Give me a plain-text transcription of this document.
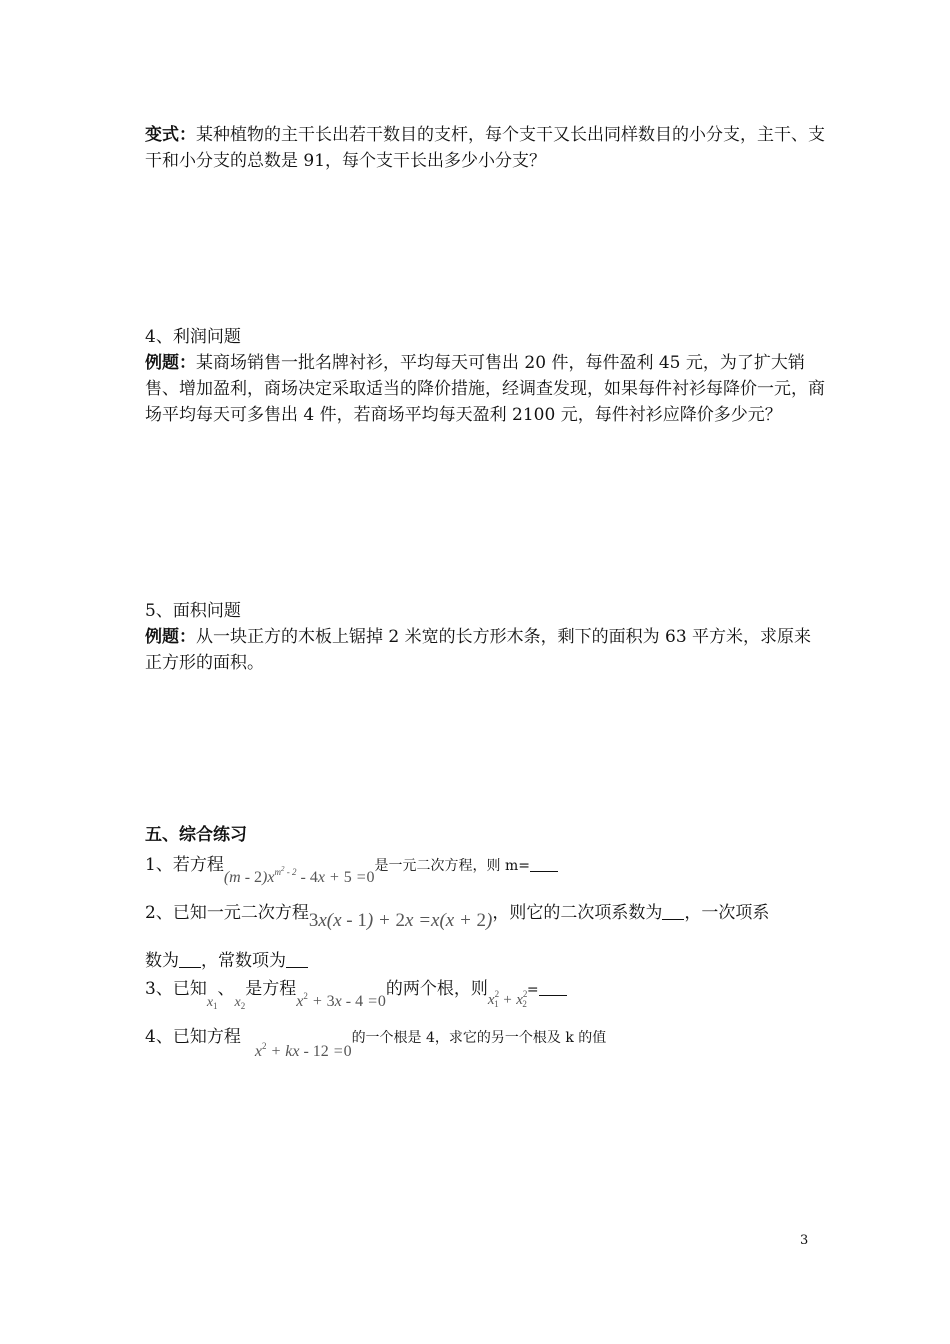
变式：某种植物的主干长出若干数目的支杆，每个支干又长出同样数目的小分支，主干、支干和小分支的总数是 91，每个支干长出多少小分支？
4、利润问题
例题：某商场销售一批名牌衬衫，平均每天可售出 20 件，每件盈利 45 元，为了扩大销售、增加盈利，商场决定采取适当的降价措施，经调查发现，如果每件衬衫每降价一元，商场平均每天可多售出 4 件，若商场平均每天盈利 2100 元，每件衬衫应降价多少元？
5、面积问题
例题：从一块正方的木板上锯掉 2 米宽的长方形木条，剩下的面积为 63 平方米，求原来正方形的面积。
五、综合练习
1、若方程$(m - 2)x^{m^2 - 2} - 4x + 5 =0$是一元二次方程，则 m=
2、已知一元二次方程3x(x - 1) + 2x =x(x + 2)，则它的二次项系数为 ，一次项系
数为 ，常数项为
3、已知$_{x_1}$、$_{x_2}$是方程$x^2 + 3x - 4 =0$的两个根，则$x^2_1 + x^2_2=$
4、已知方程$x^2$ + kx - 12 =0的一个根是 4，求它的另一个根及 k 的值
3
